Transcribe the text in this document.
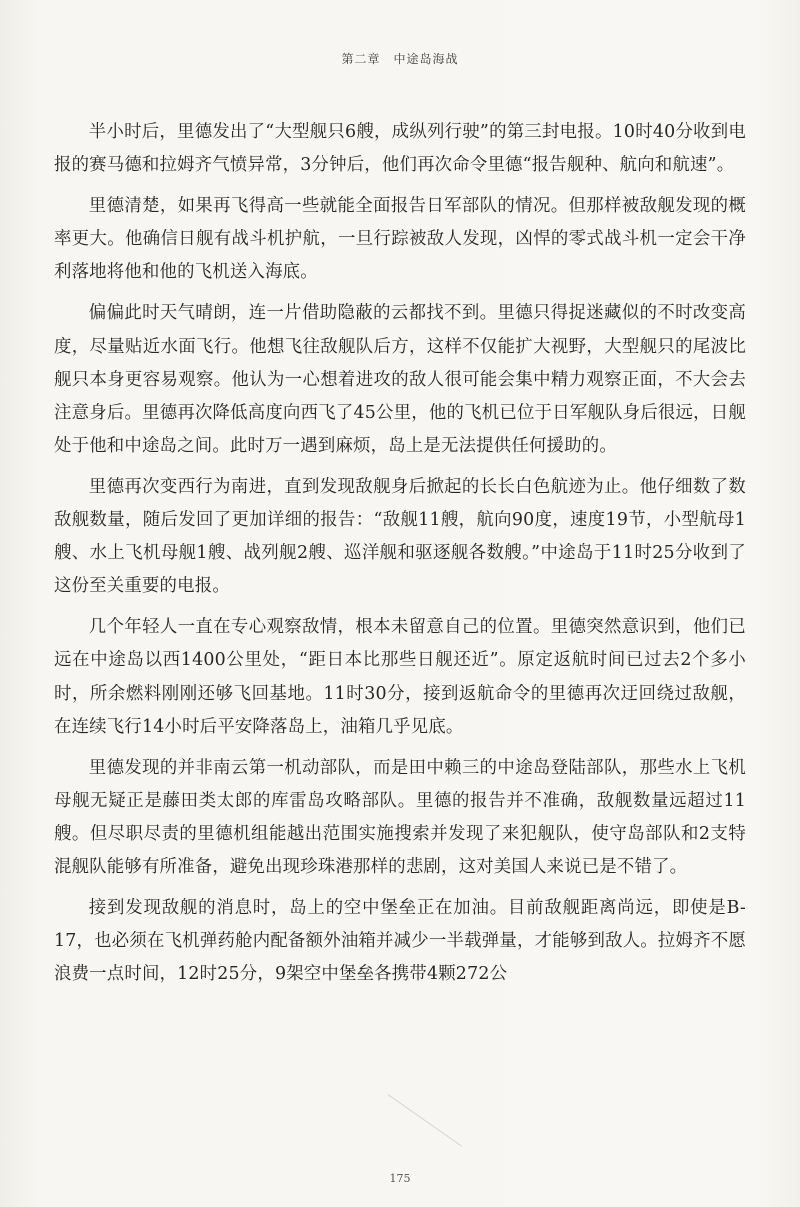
第二章　中途岛海战

半小时后，里德发出了“大型舰只6艘，成纵列行驶”的第三封电报。10时40分收到电报的赛马德和拉姆齐气愤异常，3分钟后，他们再次命令里德“报告舰种、航向和航速”。

里德清楚，如果再飞得高一些就能全面报告日军部队的情况。但那样被敌舰发现的概率更大。他确信日舰有战斗机护航，一旦行踪被敌人发现，凶悍的零式战斗机一定会干净利落地将他和他的飞机送入海底。

偏偏此时天气晴朗，连一片借助隐蔽的云都找不到。里德只得捉迷藏似的不时改变高度，尽量贴近水面飞行。他想飞往敌舰队后方，这样不仅能扩大视野，大型舰只的尾波比舰只本身更容易观察。他认为一心想着进攻的敌人很可能会集中精力观察正面，不大会去注意身后。里德再次降低高度向西飞了45公里，他的飞机已位于日军舰队身后很远，日舰处于他和中途岛之间。此时万一遇到麻烦，岛上是无法提供任何援助的。

里德再次变西行为南进，直到发现敌舰身后掀起的长长白色航迹为止。他仔细数了数敌舰数量，随后发回了更加详细的报告：“敌舰11艘，航向90度，速度19节，小型航母1艘、水上飞机母舰1艘、战列舰2艘、巡洋舰和驱逐舰各数艘。”中途岛于11时25分收到了这份至关重要的电报。

几个年轻人一直在专心观察敌情，根本未留意自己的位置。里德突然意识到，他们已远在中途岛以西1400公里处，“距日本比那些日舰还近”。原定返航时间已过去2个多小时，所余燃料刚刚还够飞回基地。11时30分，接到返航命令的里德再次迂回绕过敌舰，在连续飞行14小时后平安降落岛上，油箱几乎见底。

里德发现的并非南云第一机动部队，而是田中赖三的中途岛登陆部队，那些水上飞机母舰无疑正是藤田类太郎的库雷岛攻略部队。里德的报告并不准确，敌舰数量远超过11艘。但尽职尽责的里德机组能越出范围实施搜索并发现了来犯舰队，使守岛部队和2支特混舰队能够有所准备，避免出现珍珠港那样的悲剧，这对美国人来说已是不错了。

接到发现敌舰的消息时，岛上的空中堡垒正在加油。目前敌舰距离尚远，即使是B-17，也必须在飞机弹药舱内配备额外油箱并减少一半载弹量，才能够到敌人。拉姆齐不愿浪费一点时间，12时25分，9架空中堡垒各携带4颗272公

175
